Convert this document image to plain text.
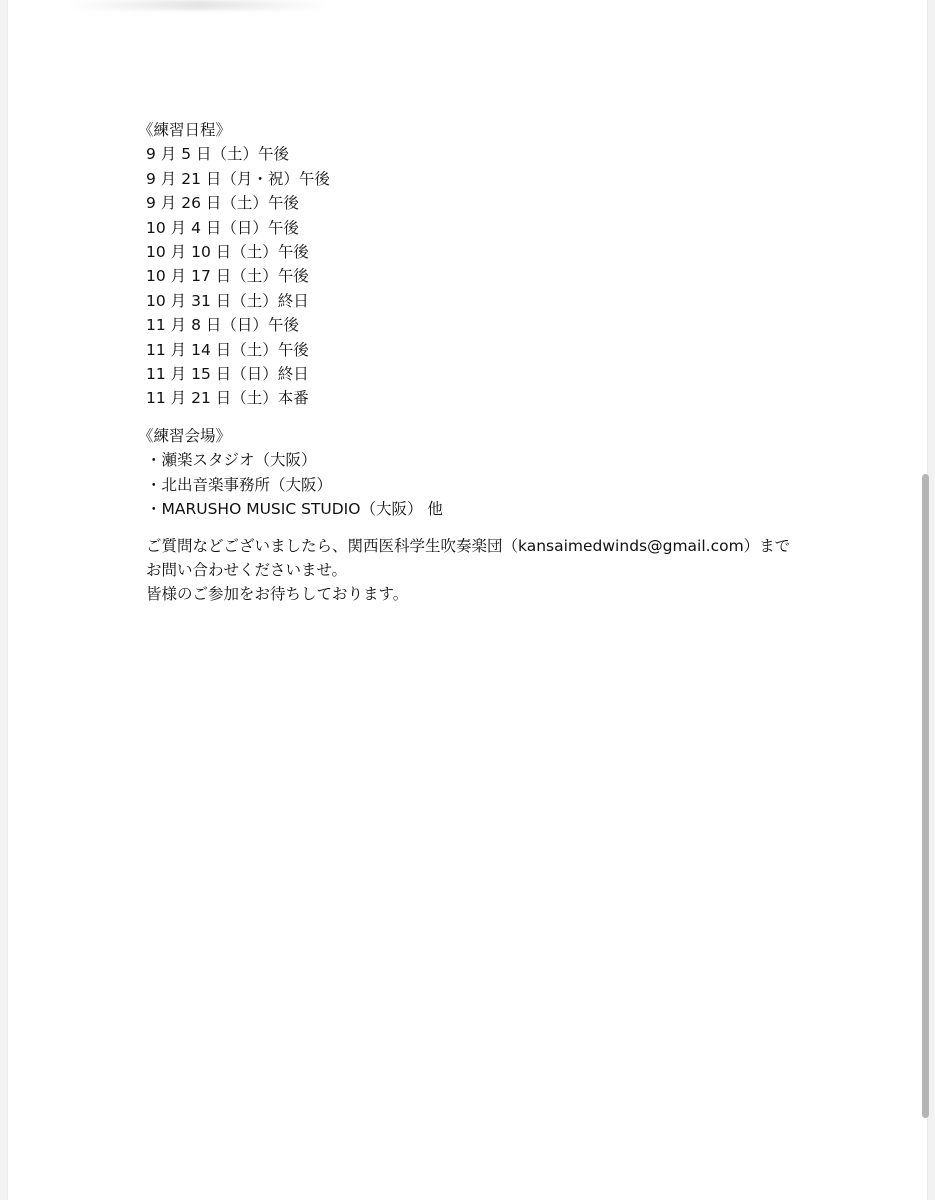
《練習日程》
9 月 5 日（土）午後
9 月 21 日（月・祝）午後
9 月 26 日（土）午後
10 月 4 日（日）午後
10 月 10 日（土）午後
10 月 17 日（土）午後
10 月 31 日（土）終日
11 月 8 日（日）午後
11 月 14 日（土）午後
11 月 15 日（日）終日
11 月 21 日（土）本番
《練習会場》
・瀬楽スタジオ（大阪）
・北出音楽事務所（大阪）
・MARUSHO MUSIC STUDIO（大阪） 他

ご質問などございましたら、関西医科学生吹奏楽団（kansaimedwinds@gmail.com）まで

お問い合わせくださいませ。

皆様のご参加をお待ちしております。
